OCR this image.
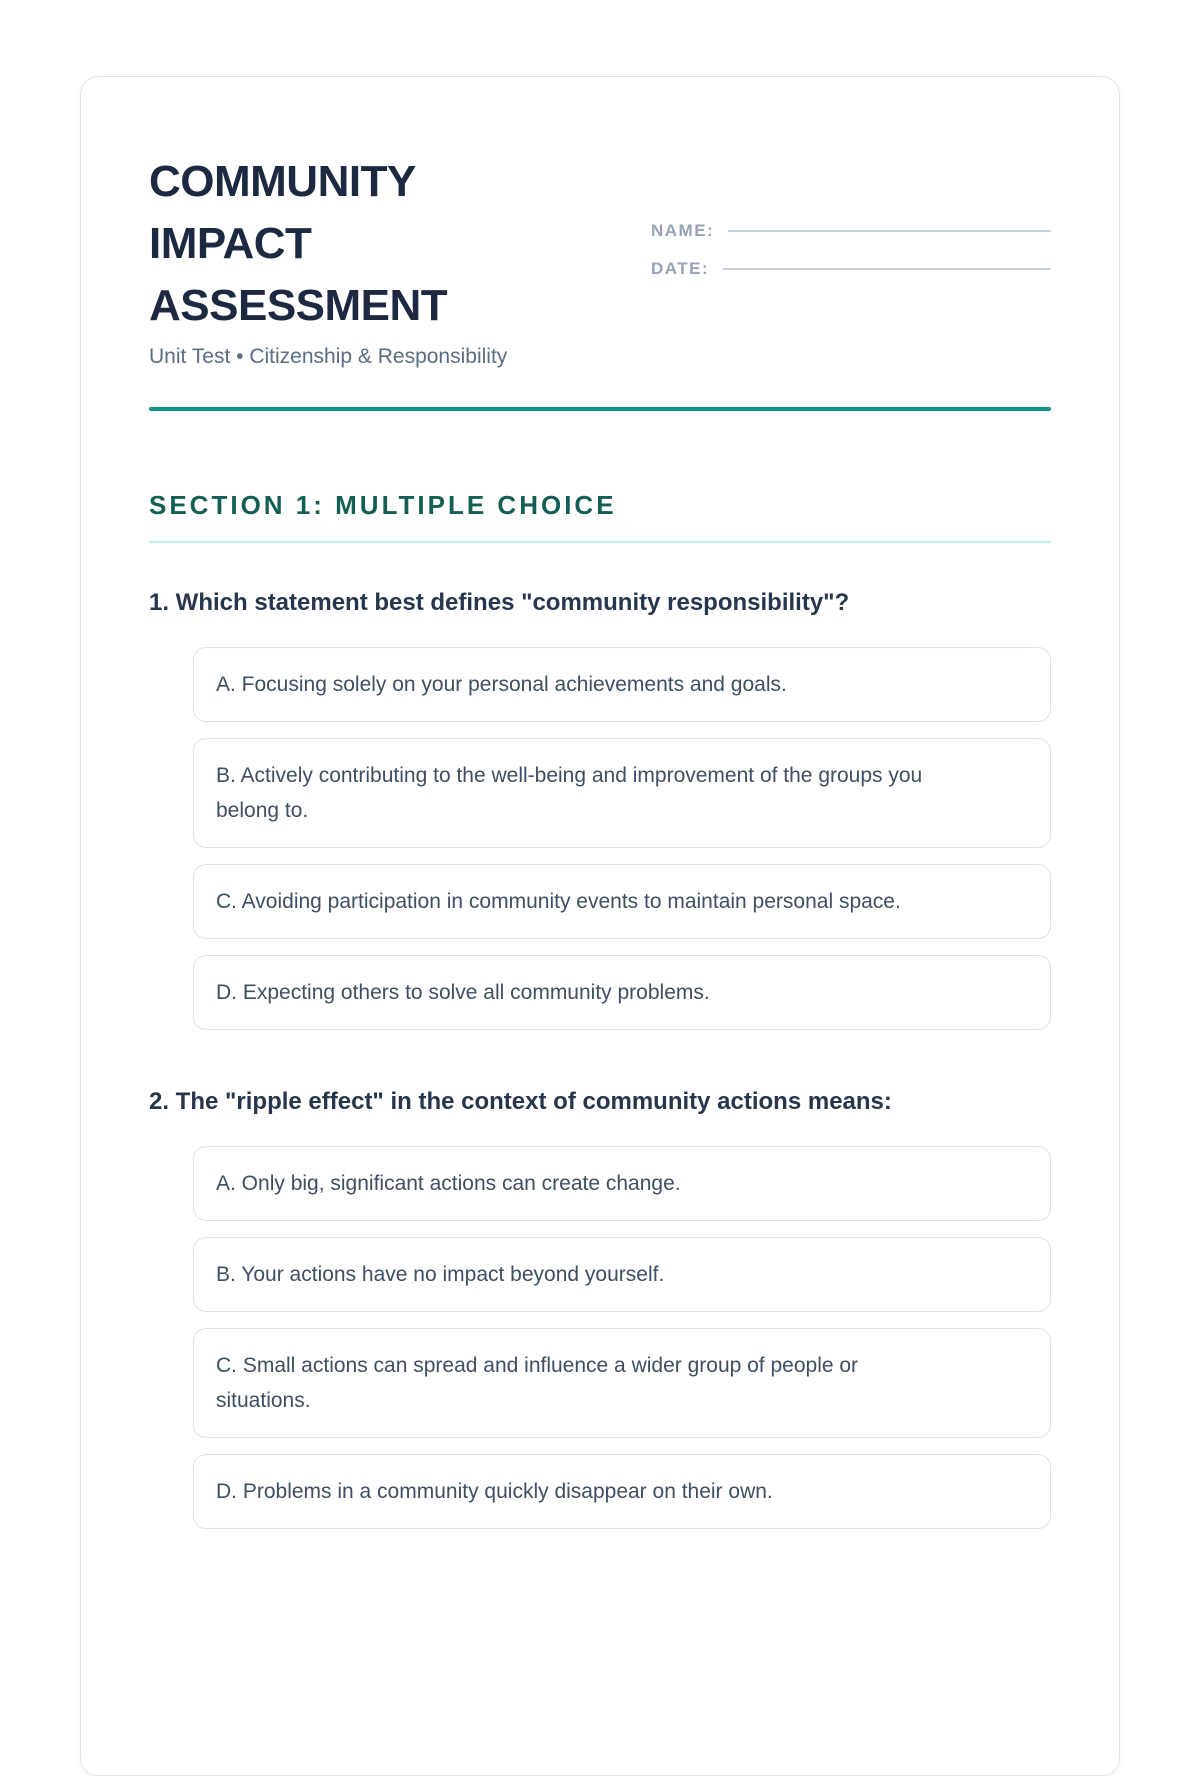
COMMUNITY IMPACT ASSESSMENT
Unit Test • Citizenship & Responsibility
NAME:
DATE:
SECTION 1: MULTIPLE CHOICE
1. Which statement best defines "community responsibility"?
A. Focusing solely on your personal achievements and goals.
B. Actively contributing to the well-being and improvement of the groups you belong to.
C. Avoiding participation in community events to maintain personal space.
D. Expecting others to solve all community problems.
2. The "ripple effect" in the context of community actions means:
A. Only big, significant actions can create change.
B. Your actions have no impact beyond yourself.
C. Small actions can spread and influence a wider group of people or situations.
D. Problems in a community quickly disappear on their own.
